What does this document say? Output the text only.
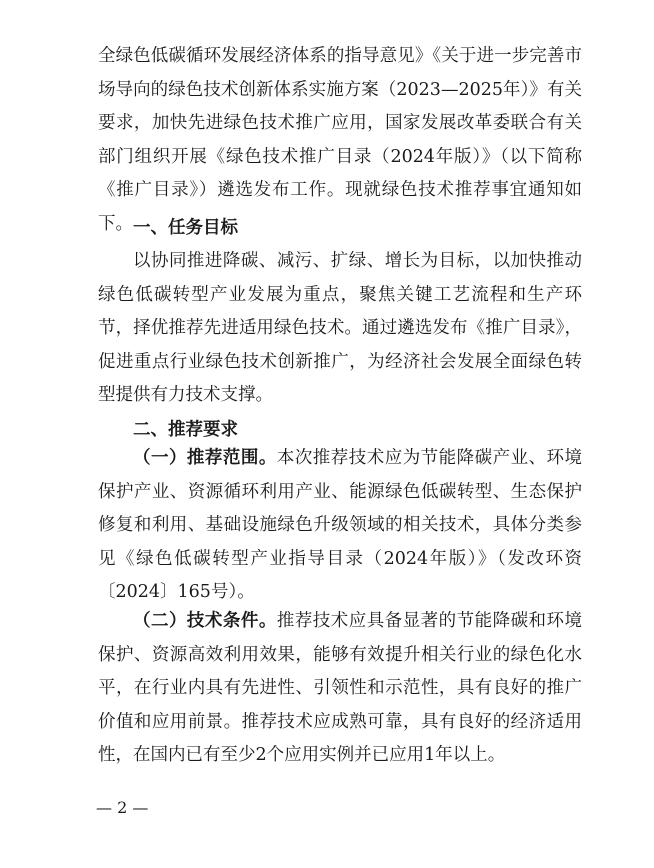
全绿色低碳循环发展经济体系的指导意见》《关于进一步完善市场导向的绿色技术创新体系实施方案（2023—2025年）》有关要求，加快先进绿色技术推广应用，国家发展改革委联合有关部门组织开展《绿色技术推广目录（2024年版）》（以下简称《推广目录》）遴选发布工作。现就绿色技术推荐事宜通知如下。 一、任务目标

以协同推进降碳、减污、扩绿、增长为目标，以加快推动绿色低碳转型产业发展为重点，聚焦关键工艺流程和生产环节，择优推荐先进适用绿色技术。通过遴选发布《推广目录》，促进重点行业绿色技术创新推广，为经济社会发展全面绿色转型提供有力技术支撑。

二、推荐要求

（一）推荐范围。本次推荐技术应为节能降碳产业、环境保护产业、资源循环利用产业、能源绿色低碳转型、生态保护修复和利用、基础设施绿色升级领域的相关技术，具体分类参见《绿色低碳转型产业指导目录（2024年版）》（发改环资〔2024〕165号）。

（二）技术条件。推荐技术应具备显著的节能降碳和环境保护、资源高效利用效果，能够有效提升相关行业的绿色化水平，在行业内具有先进性、引领性和示范性，具有良好的推广价值和应用前景。推荐技术应成熟可靠，具有良好的经济适用性，在国内已有至少2个应用实例并已应用1年以上。

— 2 —
